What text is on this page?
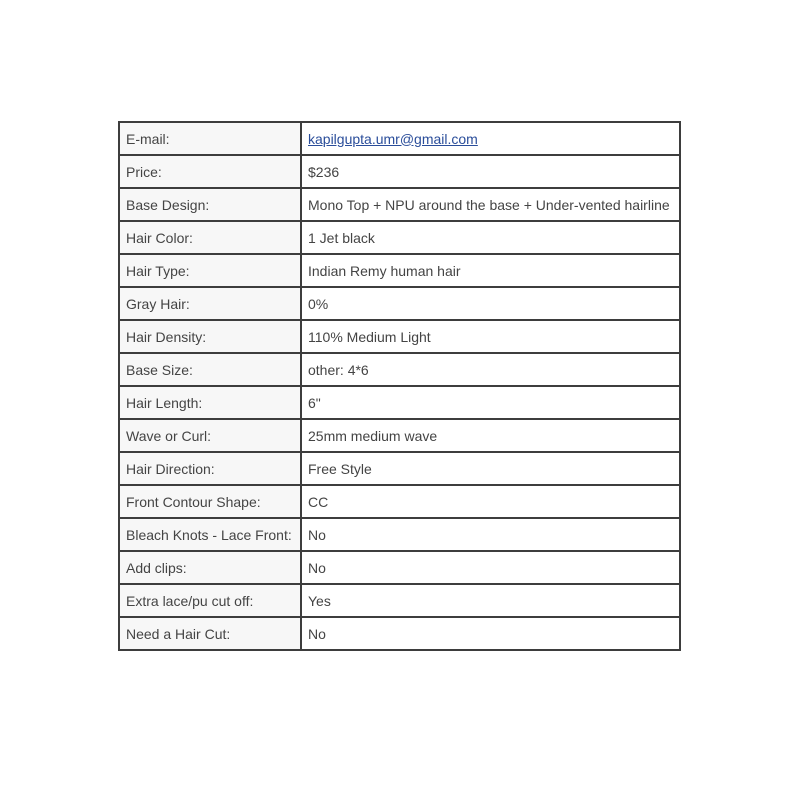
E-mail:	kapilgupta.umr@gmail.com
Price:	$236
Base Design:	Mono Top + NPU around the base + Under-vented hairline
Hair Color:	1 Jet black
Hair Type:	Indian Remy human hair
Gray Hair:	0%
Hair Density:	110% Medium Light
Base Size:	other: 4*6
Hair Length:	6"
Wave or Curl:	25mm medium wave
Hair Direction:	Free Style
Front Contour Shape:	CC
Bleach Knots - Lace Front:	No
Add clips:	No
Extra lace/pu cut off:	Yes
Need a Hair Cut:	No
